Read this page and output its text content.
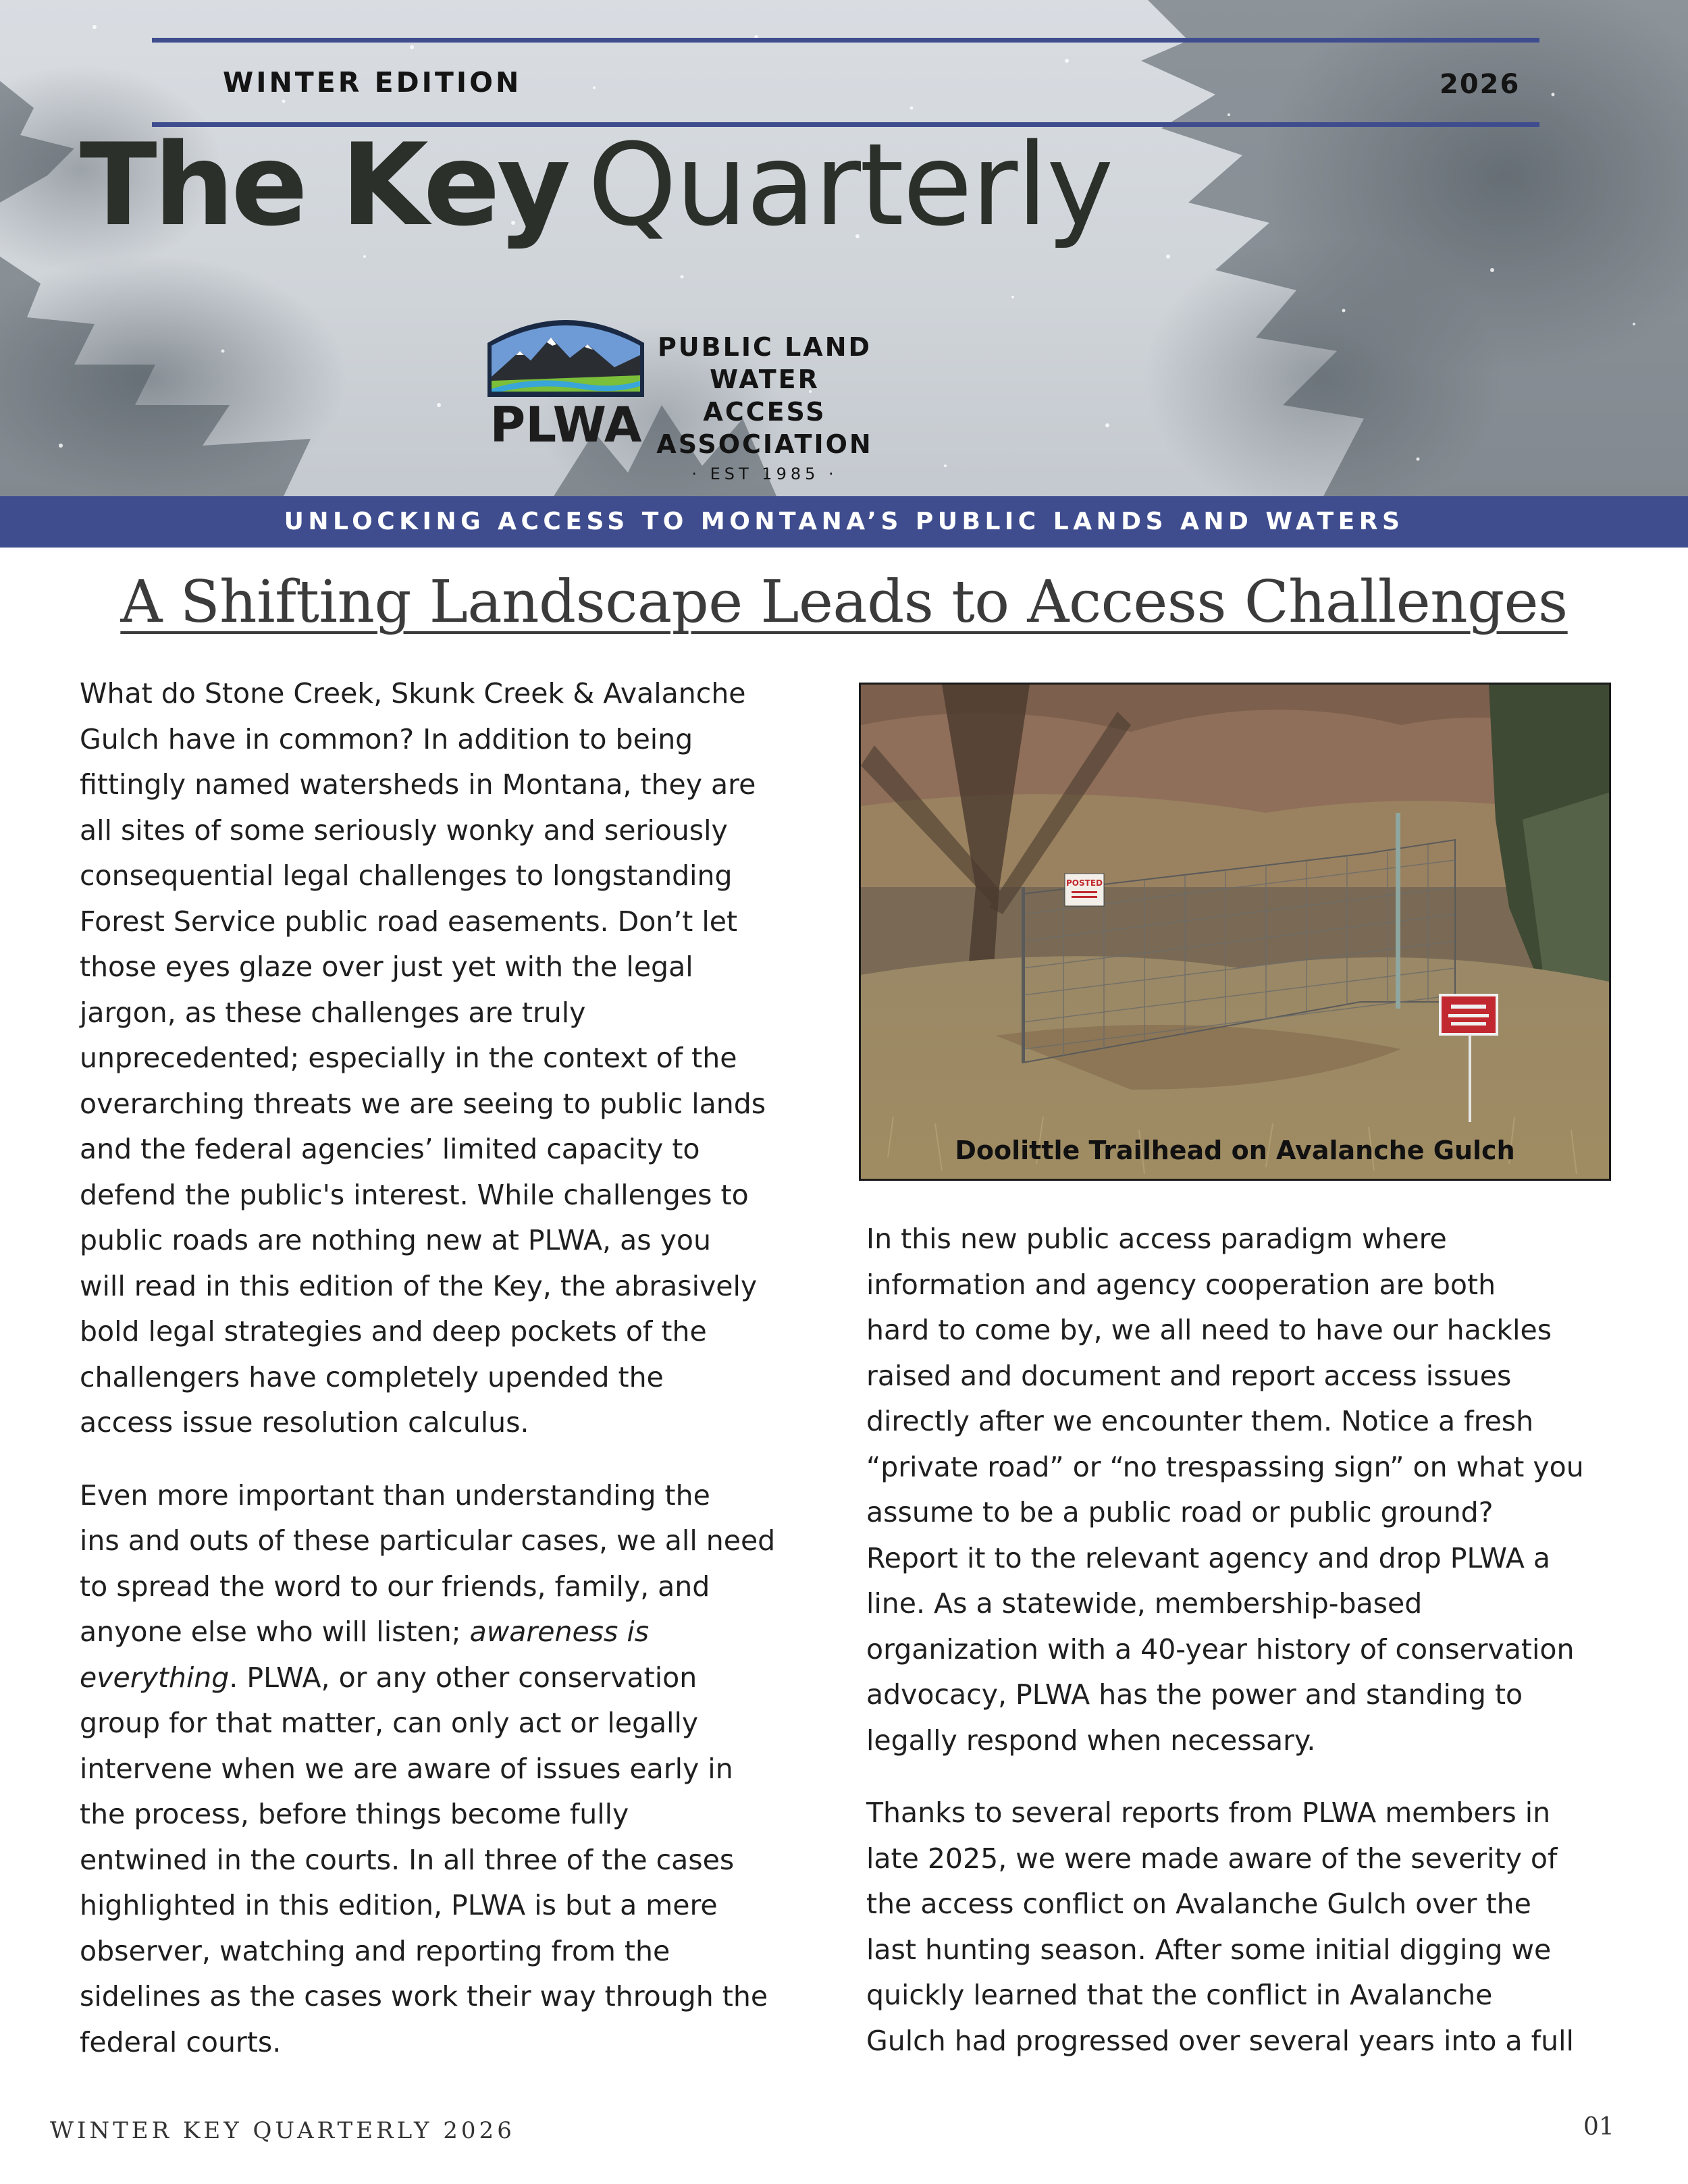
WINTER EDITION	2026
The Key Quarterly
PLWA
PUBLIC LAND
WATER ACCESS
ASSOCIATION
· EST 1985 ·
UNLOCKING ACCESS TO MONTANA’S PUBLIC LANDS AND WATERS
A Shifting Landscape Leads to Access Challenges

What do Stone Creek, Skunk Creek & Avalanche
Gulch have in common? In addition to being
fittingly named watersheds in Montana, they are
all sites of some seriously wonky and seriously
consequential legal challenges to longstanding
Forest Service public road easements. Don’t let
those eyes glaze over just yet with the legal
jargon, as these challenges are truly
unprecedented; especially in the context of the
overarching threats we are seeing to public lands
and the federal agencies’ limited capacity to
defend the public's interest. While challenges to
public roads are nothing new at PLWA, as you
will read in this edition of the Key, the abrasively
bold legal strategies and deep pockets of the
challengers have completely upended the
access issue resolution calculus.

Even more important than understanding the
ins and outs of these particular cases, we all need
to spread the word to our friends, family, and
anyone else who will listen; awareness is
everything. PLWA, or any other conservation
group for that matter, can only act or legally
intervene when we are aware of issues early in
the process, before things become fully
entwined in the courts. In all three of the cases
highlighted in this edition, PLWA is but a mere
observer, watching and reporting from the
sidelines as the cases work their way through the
federal courts.

POSTED
Doolittle Trailhead on Avalanche Gulch

In this new public access paradigm where
information and agency cooperation are both
hard to come by, we all need to have our hackles
raised and document and report access issues
directly after we encounter them. Notice a fresh
“private road” or “no trespassing sign” on what you
assume to be a public road or public ground?
Report it to the relevant agency and drop PLWA a
line. As a statewide, membership-based
organization with a 40-year history of conservation
advocacy, PLWA has the power and standing to
legally respond when necessary.

Thanks to several reports from PLWA members in
late 2025, we were made aware of the severity of
the access conflict on Avalanche Gulch over the
last hunting season. After some initial digging we
quickly learned that the conflict in Avalanche
Gulch had progressed over several years into a full

WINTER KEY QUARTERLY 2026	01
